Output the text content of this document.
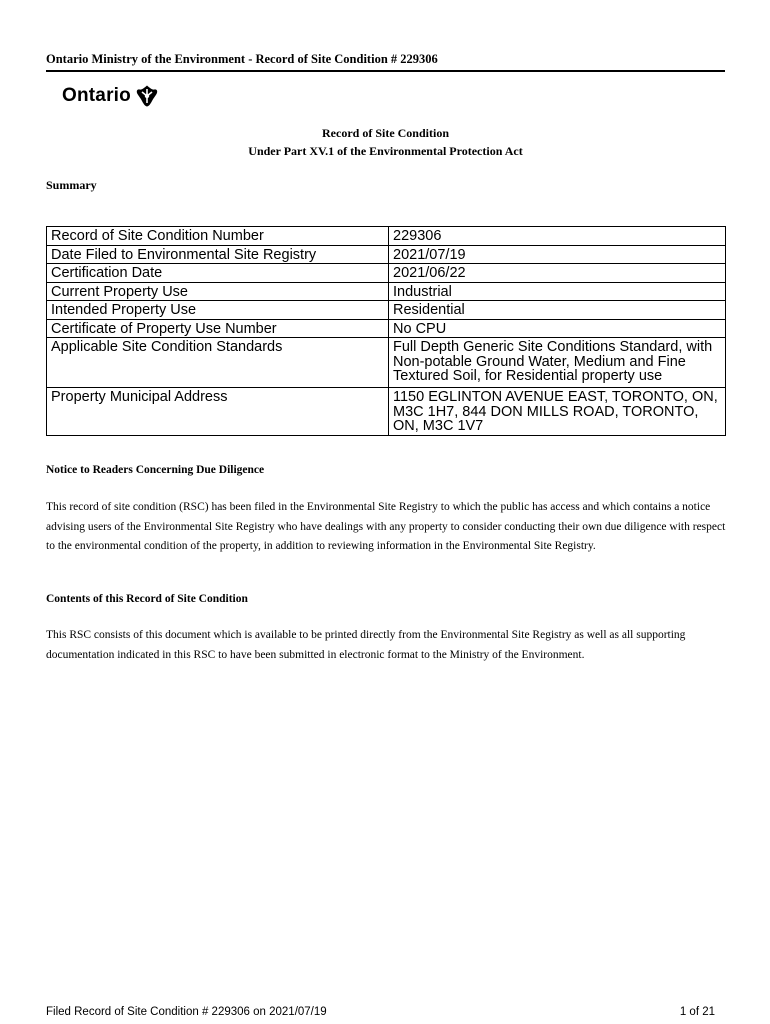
Ontario Ministry of the Environment - Record of Site Condition # 229306
Ontario
Record of Site Condition
Under Part XV.1 of the Environmental Protection Act
Summary
Record of Site Condition Number	229306
Date Filed to Environmental Site Registry	2021/07/19
Certification Date	2021/06/22
Current Property Use	Industrial
Intended Property Use	Residential
Certificate of Property Use Number	No CPU
Applicable Site Condition Standards	Full Depth Generic Site Conditions Standard, with Non-potable Ground Water, Medium and Fine Textured Soil, for Residential property use
Property Municipal Address	1150 EGLINTON AVENUE EAST, TORONTO, ON, M3C 1H7, 844 DON MILLS ROAD, TORONTO, ON, M3C 1V7
Notice to Readers Concerning Due Diligence
This record of site condition (RSC) has been filed in the Environmental Site Registry to which the public has access and which contains a notice advising users of the Environmental Site Registry who have dealings with any property to consider conducting their own due diligence with respect to the environmental condition of the property, in addition to reviewing information in the Environmental Site Registry.
Contents of this Record of Site Condition
This RSC consists of this document which is available to be printed directly from the Environmental Site Registry as well as all supporting documentation indicated in this RSC to have been submitted in electronic format to the Ministry of the Environment.
Filed Record of Site Condition # 229306 on 2021/07/19	1 of 21
